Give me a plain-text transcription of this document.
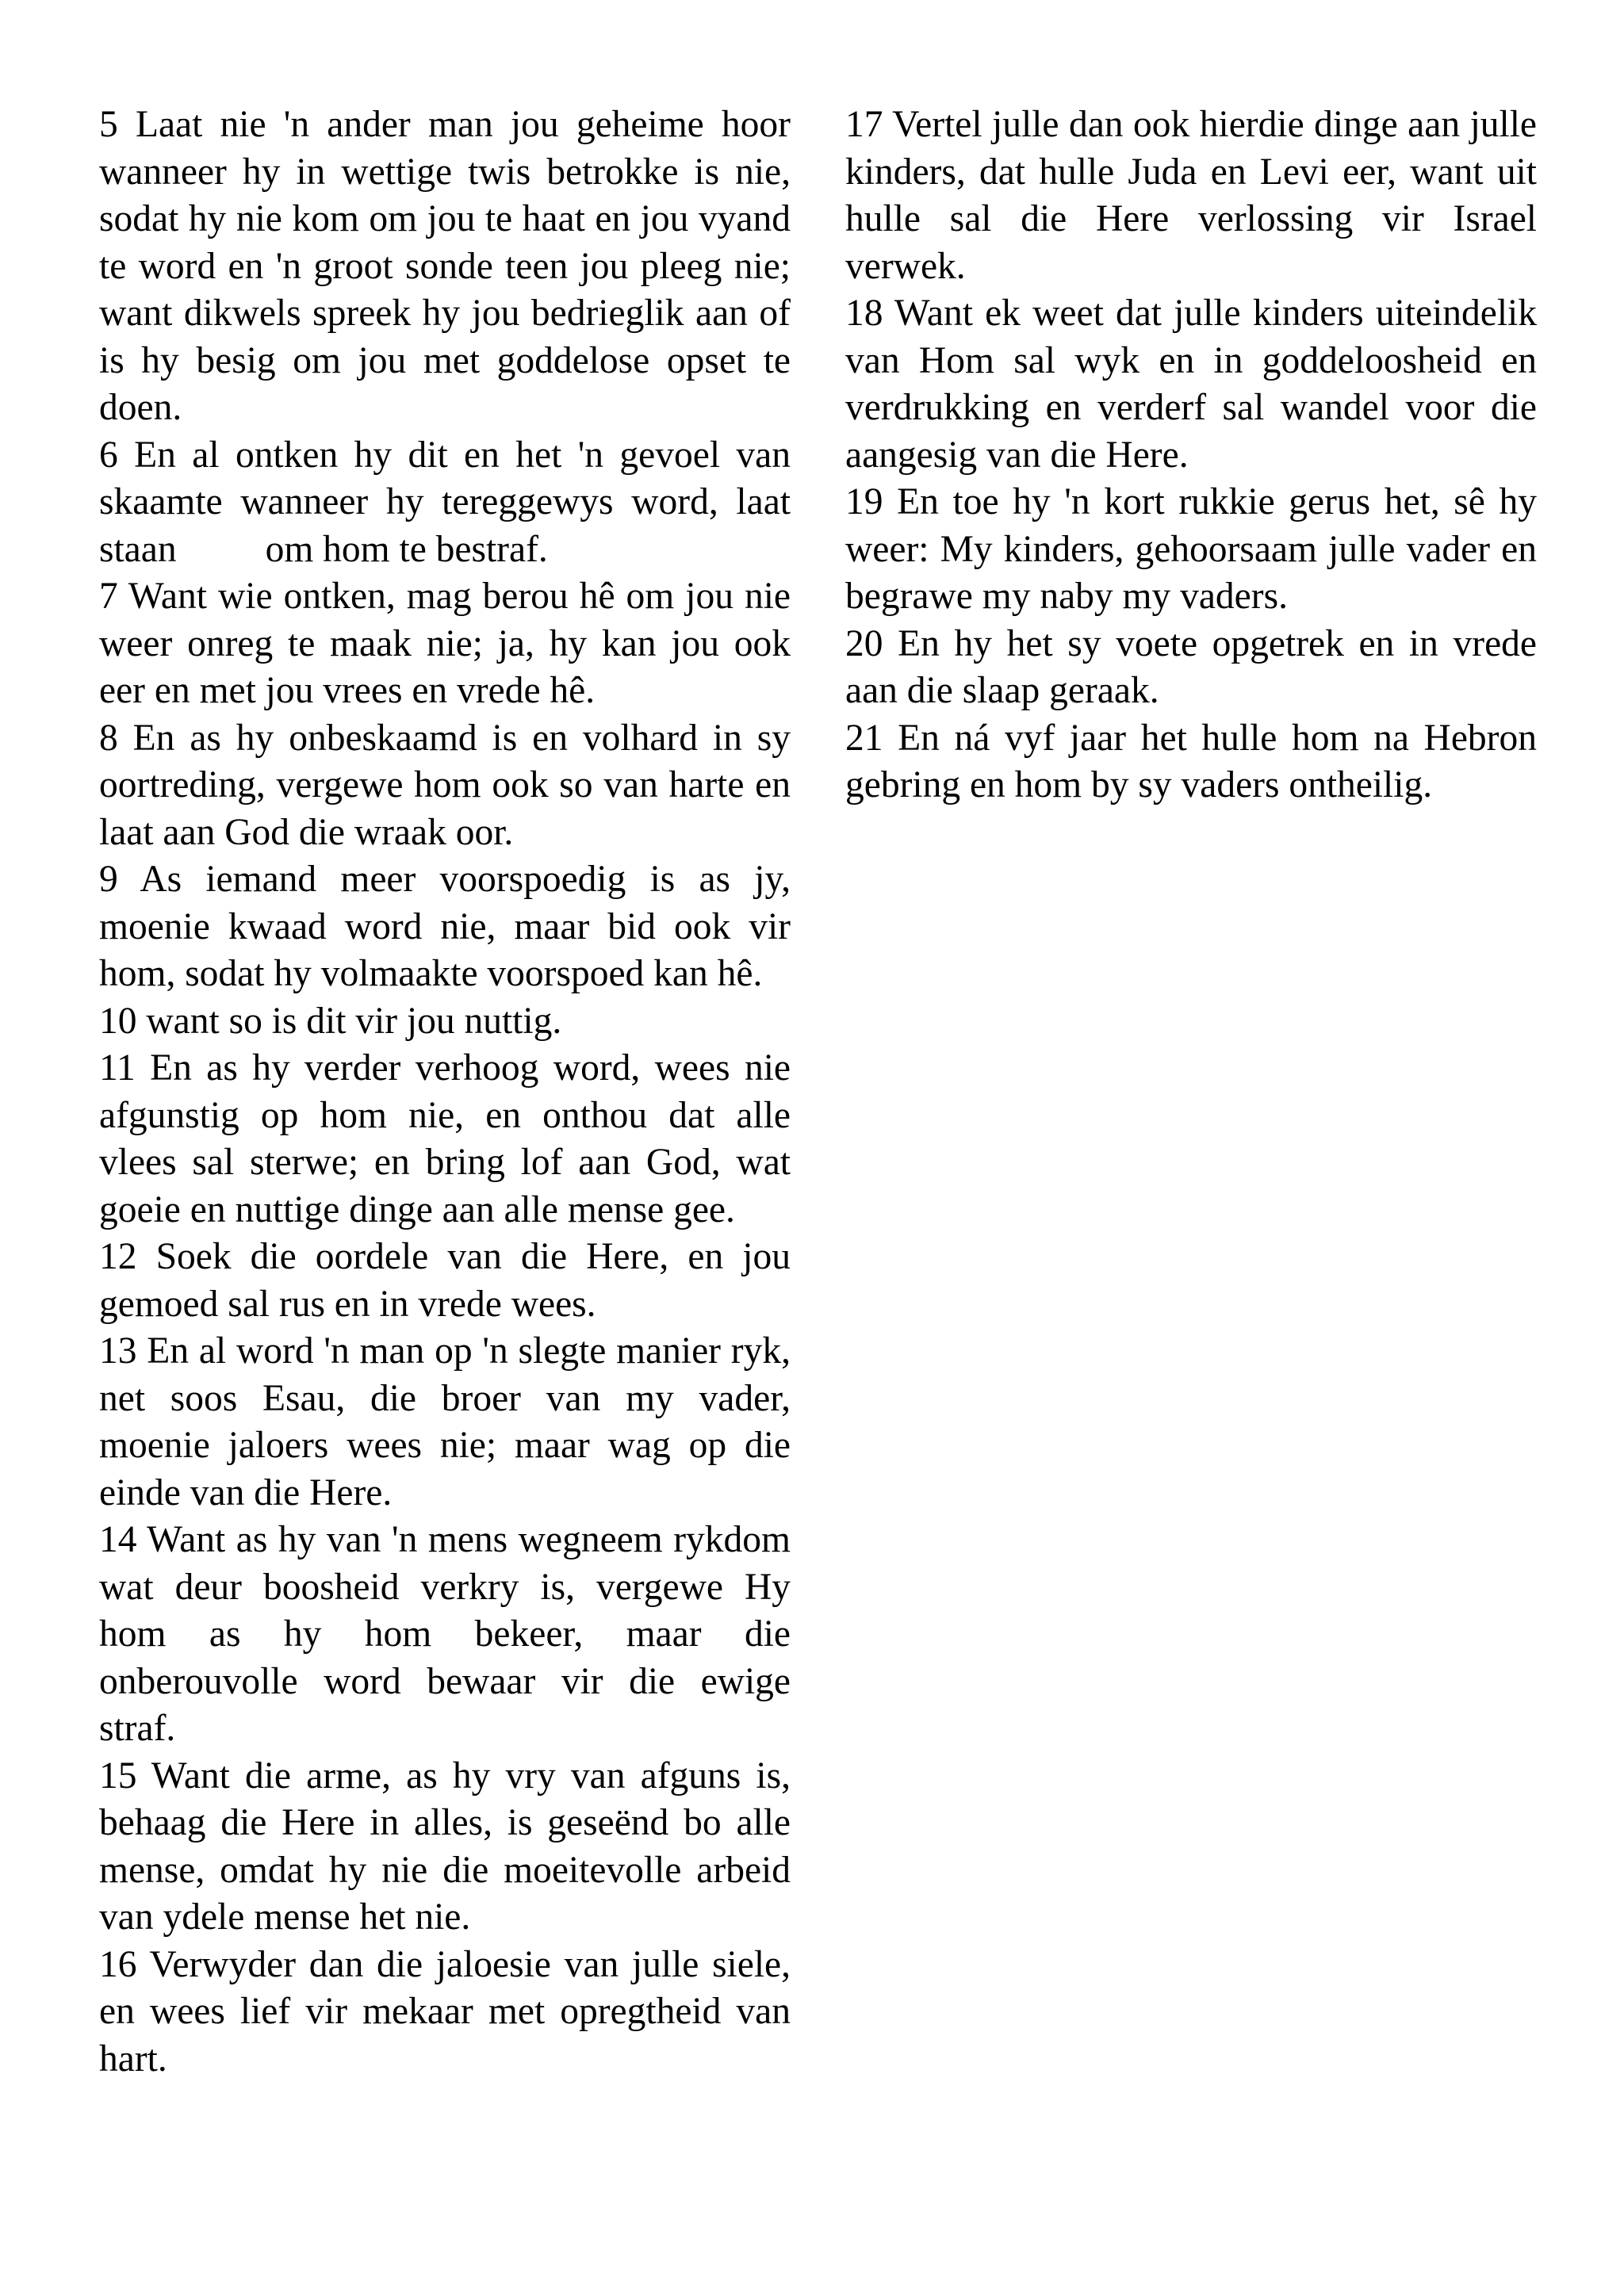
5 Laat nie 'n ander man jou geheime hoor wanneer hy in wettige twis betrokke is nie, sodat hy nie kom om jou te haat en jou vyand te word en 'n groot sonde teen jou pleeg nie; want dikwels spreek hy jou bedrieglik aan of is hy besig om jou met goddelose opset te doen.

6 En al ontken hy dit en het 'n gevoel van skaamte wanneer hy tereggewys word, laat staan om hom te bestraf.

7 Want wie ontken, mag berou hê om jou nie weer onreg te maak nie; ja, hy kan jou ook eer en met jou vrees en vrede hê.

8 En as hy onbeskaamd is en volhard in sy oortreding, vergewe hom ook so van harte en laat aan God die wraak oor.

9 As iemand meer voorspoedig is as jy, moenie kwaad word nie, maar bid ook vir hom, sodat hy volmaakte voorspoed kan hê.

10 want so is dit vir jou nuttig.

11 En as hy verder verhoog word, wees nie afgunstig op hom nie, en onthou dat alle vlees sal sterwe; en bring lof aan God, wat goeie en nuttige dinge aan alle mense gee.

12 Soek die oordele van die Here, en jou gemoed sal rus en in vrede wees.

13 En al word 'n man op 'n slegte manier ryk, net soos Esau, die broer van my vader, moenie jaloers wees nie; maar wag op die einde van die Here.

14 Want as hy van 'n mens wegneem rykdom wat deur boosheid verkry is, vergewe Hy hom as hy hom bekeer, maar die onberouvolle word bewaar vir die ewige straf.

15 Want die arme, as hy vry van afguns is, behaag die Here in alles, is geseënd bo alle mense, omdat hy nie die moeitevolle arbeid van ydele mense het nie.

16 Verwyder dan die jaloesie van julle siele, en wees lief vir mekaar met opregtheid van hart.

17 Vertel julle dan ook hierdie dinge aan julle kinders, dat hulle Juda en Levi eer, want uit hulle sal die Here verlossing vir Israel verwek.

18 Want ek weet dat julle kinders uiteindelik van Hom sal wyk en in goddeloosheid en verdrukking en verderf sal wandel voor die aangesig van die Here.

19 En toe hy 'n kort rukkie gerus het, sê hy weer: My kinders, gehoorsaam julle vader en begrawe my naby my vaders.

20 En hy het sy voete opgetrek en in vrede aan die slaap geraak.

21 En ná vyf jaar het hulle hom na Hebron gebring en hom by sy vaders ontheilig.
